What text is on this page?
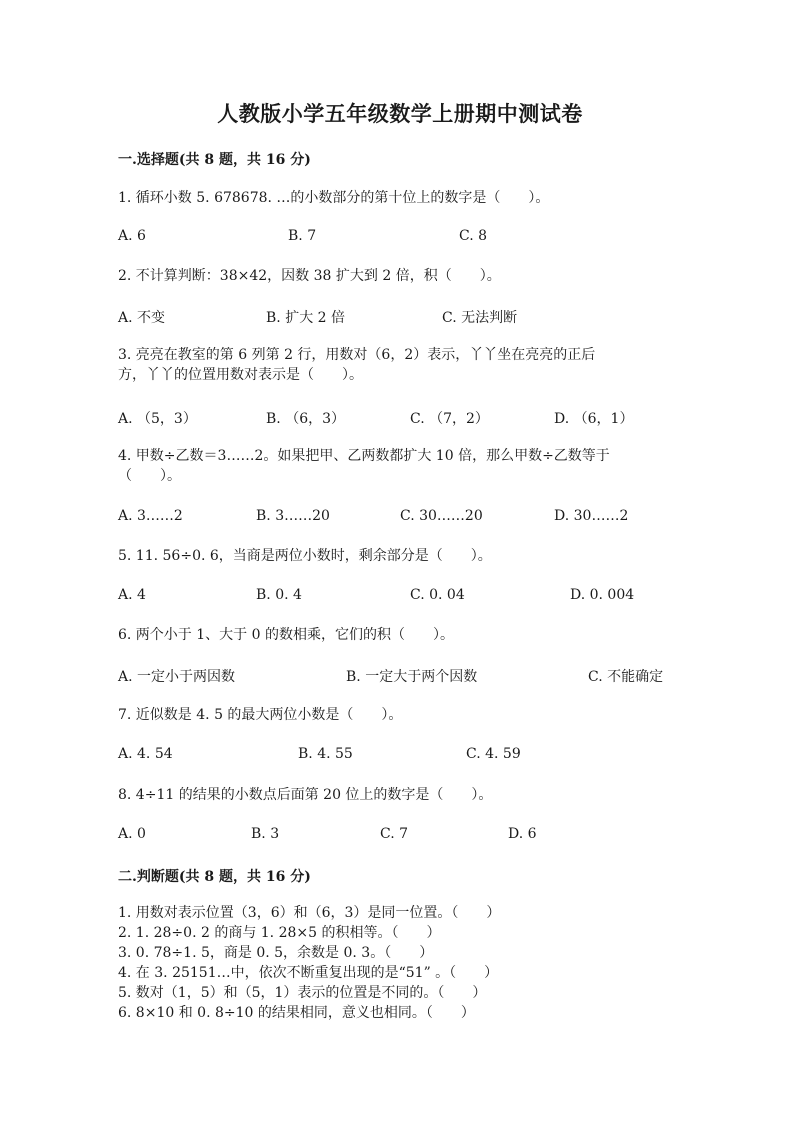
人教版小学五年级数学上册期中测试卷
一.选择题(共 8 题，共 16 分)
1. 循环小数 5. 678678. …的小数部分的第十位上的数字是（　　）。
A. 6	B. 7	C. 8
2. 不计算判断：38×42，因数 38 扩大到 2 倍，积（　　）。
A. 不变	B. 扩大 2 倍	C. 无法判断
3. 亮亮在教室的第 6 列第 2 行，用数对（6，2）表示，丫丫坐在亮亮的正后
方，丫丫的位置用数对表示是（　　）。
A. （5，3）	B. （6，3）	C. （7，2）	D. （6，1）
4. 甲数÷乙数＝3……2。如果把甲、乙两数都扩大 10 倍，那么甲数÷乙数等于
（　　）。
A. 3……2	B. 3……20	C. 30……20	D. 30……2
5. 11. 56÷0. 6，当商是两位小数时，剩余部分是（　　）。
A. 4	B. 0. 4	C. 0. 04	D. 0. 004
6. 两个小于 1、大于 0 的数相乘，它们的积（　　）。
A. 一定小于两因数	B. 一定大于两个因数	C. 不能确定
7. 近似数是 4. 5 的最大两位小数是（　　）。
A. 4. 54	B. 4. 55	C. 4. 59
8. 4÷11 的结果的小数点后面第 20 位上的数字是（　　）。
A. 0	B. 3	C. 7	D. 6
二.判断题(共 8 题，共 16 分)
1. 用数对表示位置（3，6）和（6，3）是同一位置。（　　）
2. 1. 28÷0. 2 的商与 1. 28×5 的积相等。（　　）
3. 0. 78÷1. 5，商是 0. 5，余数是 0. 3。（　　）
4. 在 3. 25151…中，依次不断重复出现的是“51” 。（　　）
5. 数对（1，5）和（5，1）表示的位置是不同的。（　　）
6. 8×10 和 0. 8÷10 的结果相同，意义也相同。（　　）
